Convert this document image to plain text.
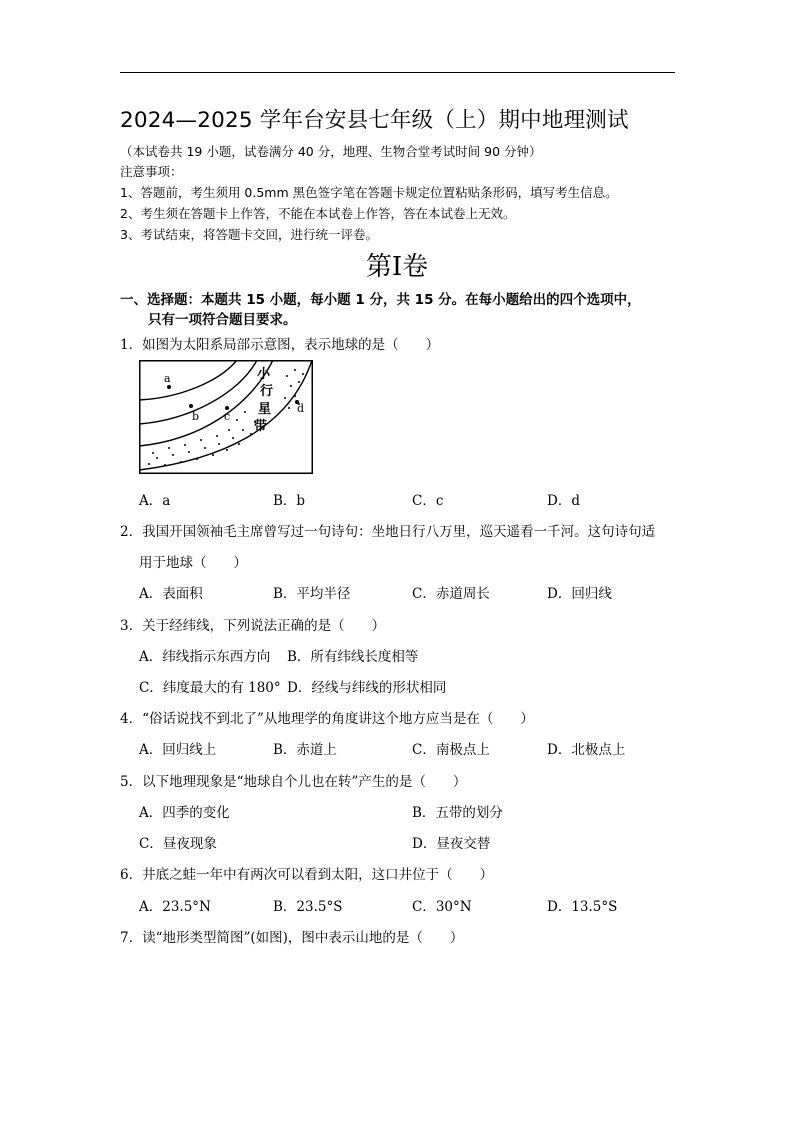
2024—2025 学年台安县七年级（上）期中地理测试
（本试卷共 19 小题，试卷满分 40 分，地理、生物合堂考试时间 90 分钟）
注意事项：
1、答题前，考生须用 0.5mm 黑色签字笔在答题卡规定位置粘贴条形码，填写考生信息。
2、考生须在答题卡上作答，不能在本试卷上作答，答在本试卷上无效。
3、考试结束，将答题卡交回，进行统一评卷。
第I卷
一、选择题：本题共 15 小题，每小题 1 分，共 15 分。在每小题给出的四个选项中，
只有一项符合题目要求。
1．如图为太阳系局部示意图，表示地球的是（　　）
a
b c
d
小
行
星
带
A．a	B．b	C．c	D．d
2．我国开国领袖毛主席曾写过一句诗句：坐地日行八万里，巡天遥看一千河。这句诗句适
用于地球（　　）
A．表面积	B．平均半径	C．赤道周长	D．回归线
3．关于经纬线，下列说法正确的是（　　）
A．纬线指示东西方向 B．所有纬线长度相等
C．纬度最大的有 180° D．经线与纬线的形状相同
4．“俗话说找不到北了”从地理学的角度讲这个地方应当是在（　　）
A．回归线上	B．赤道上	C．南极点上	D．北极点上
5．以下地理现象是“地球自个儿也在转”产生的是（　　）
A．四季的变化	B．五带的划分
C．昼夜现象	D．昼夜交替
6．井底之蛙一年中有两次可以看到太阳，这口井位于（　　）
A．23.5°N	B．23.5°S	C．30°N	D．13.5°S
7．读“地形类型简图”(如图)，图中表示山地的是（　　）
